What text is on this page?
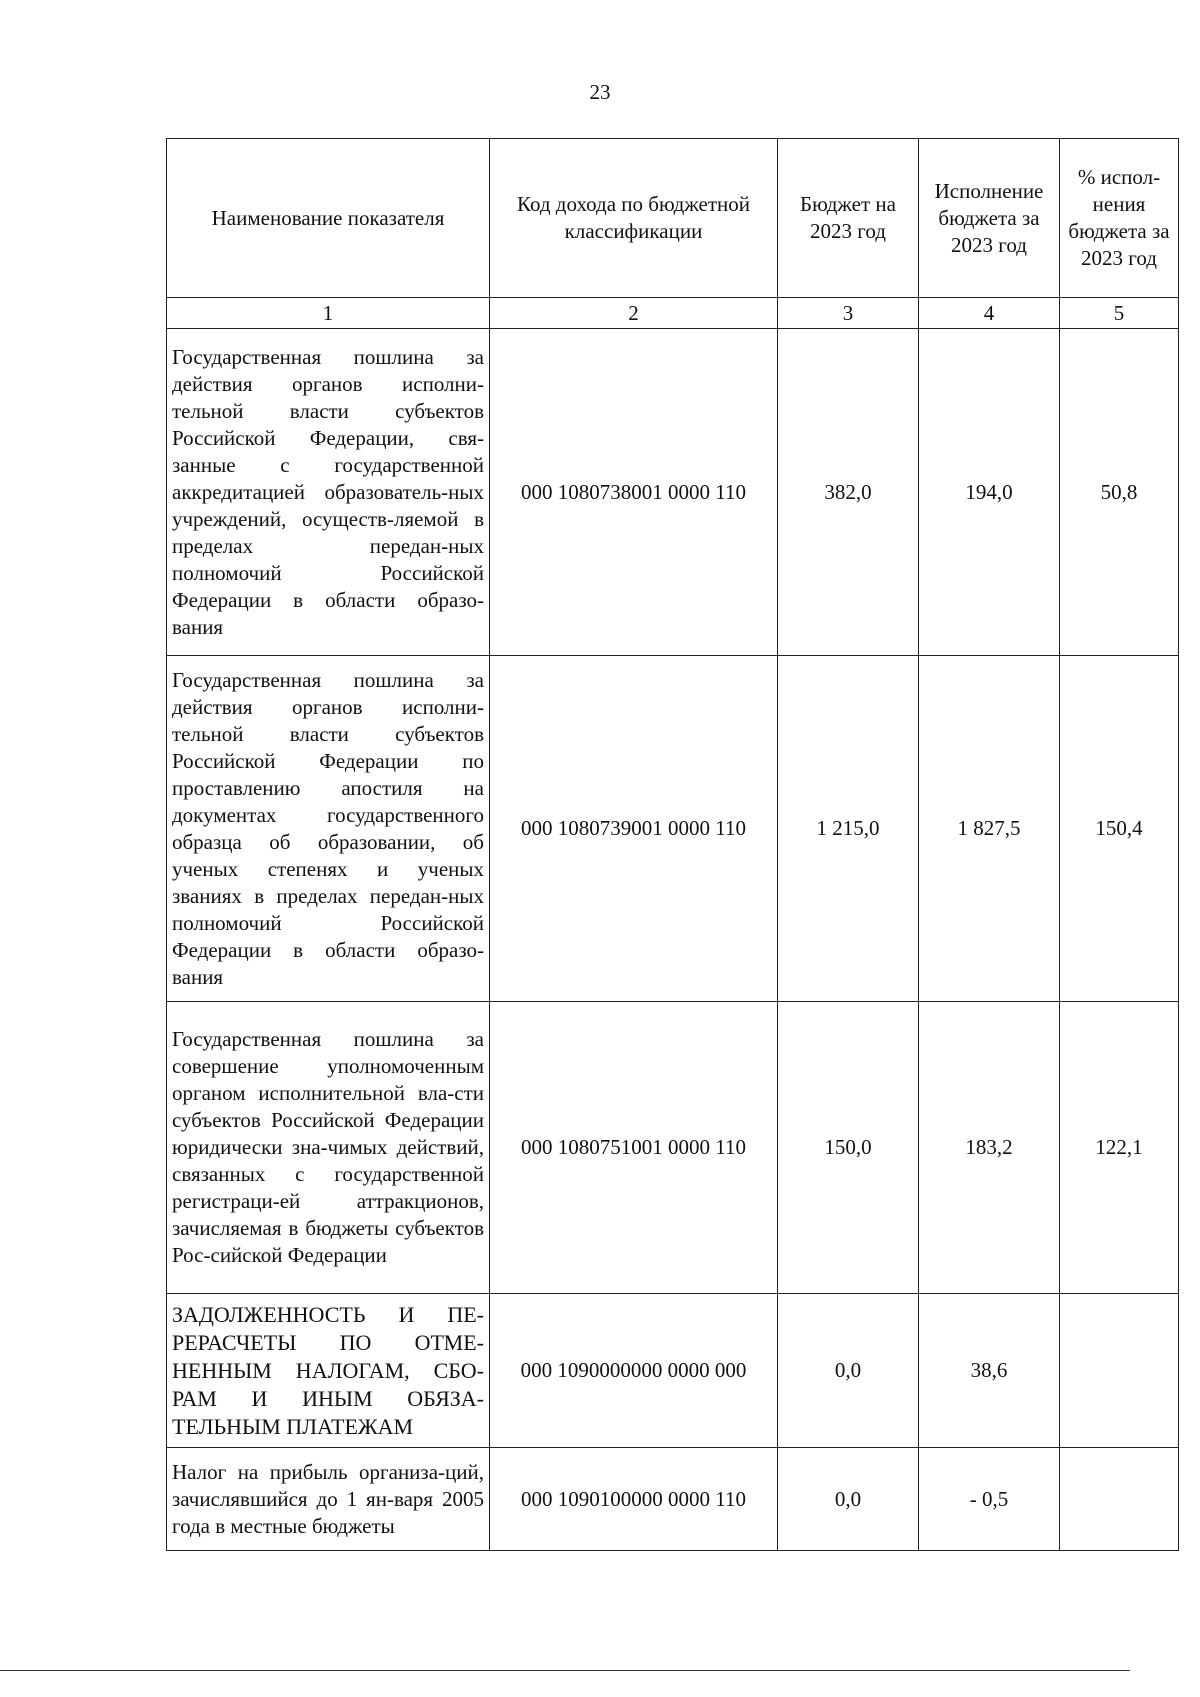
23
Наименование показателя	Код дохода по бюджетной классификации	Бюджет на 2023 год	Исполнение бюджета за 2023 год	% испол-нения бюджета за 2023 год
1	2	3	4	5
Государственная пошлина за действия органов исполни-тельной власти субъектов Российской Федерации, свя-занные с государственной аккредитацией образователь-ных учреждений, осуществ-ляемой в пределах передан-ных полномочий Российской Федерации в области образо-вания	000 1080738001 0000 110	382,0	194,0	50,8
Государственная пошлина за действия органов исполни-тельной власти субъектов Российской Федерации по проставлению апостиля на документах государственного образца об образовании, об ученых степенях и ученых званиях в пределах передан-ных полномочий Российской Федерации в области образо-вания	000 1080739001 0000 110	1 215,0	1 827,5	150,4
Государственная пошлина за совершение уполномоченным органом исполнительной вла-сти субъектов Российской Федерации юридически зна-чимых действий, связанных с государственной регистраци-ей аттракционов, зачисляемая в бюджеты субъектов Рос-сийской Федерации	000 1080751001 0000 110	150,0	183,2	122,1
ЗАДОЛЖЕННОСТЬ И ПЕ-РЕРАСЧЕТЫ ПО ОТМЕ-НЕННЫМ НАЛОГАМ, СБО-РАМ И ИНЫМ ОБЯЗА-ТЕЛЬНЫМ ПЛАТЕЖАМ	000 1090000000 0000 000	0,0	38,6	
Налог на прибыль организа-ций, зачислявшийся до 1 ян-варя 2005 года в местные бюджеты	000 1090100000 0000 110	0,0	- 0,5	
